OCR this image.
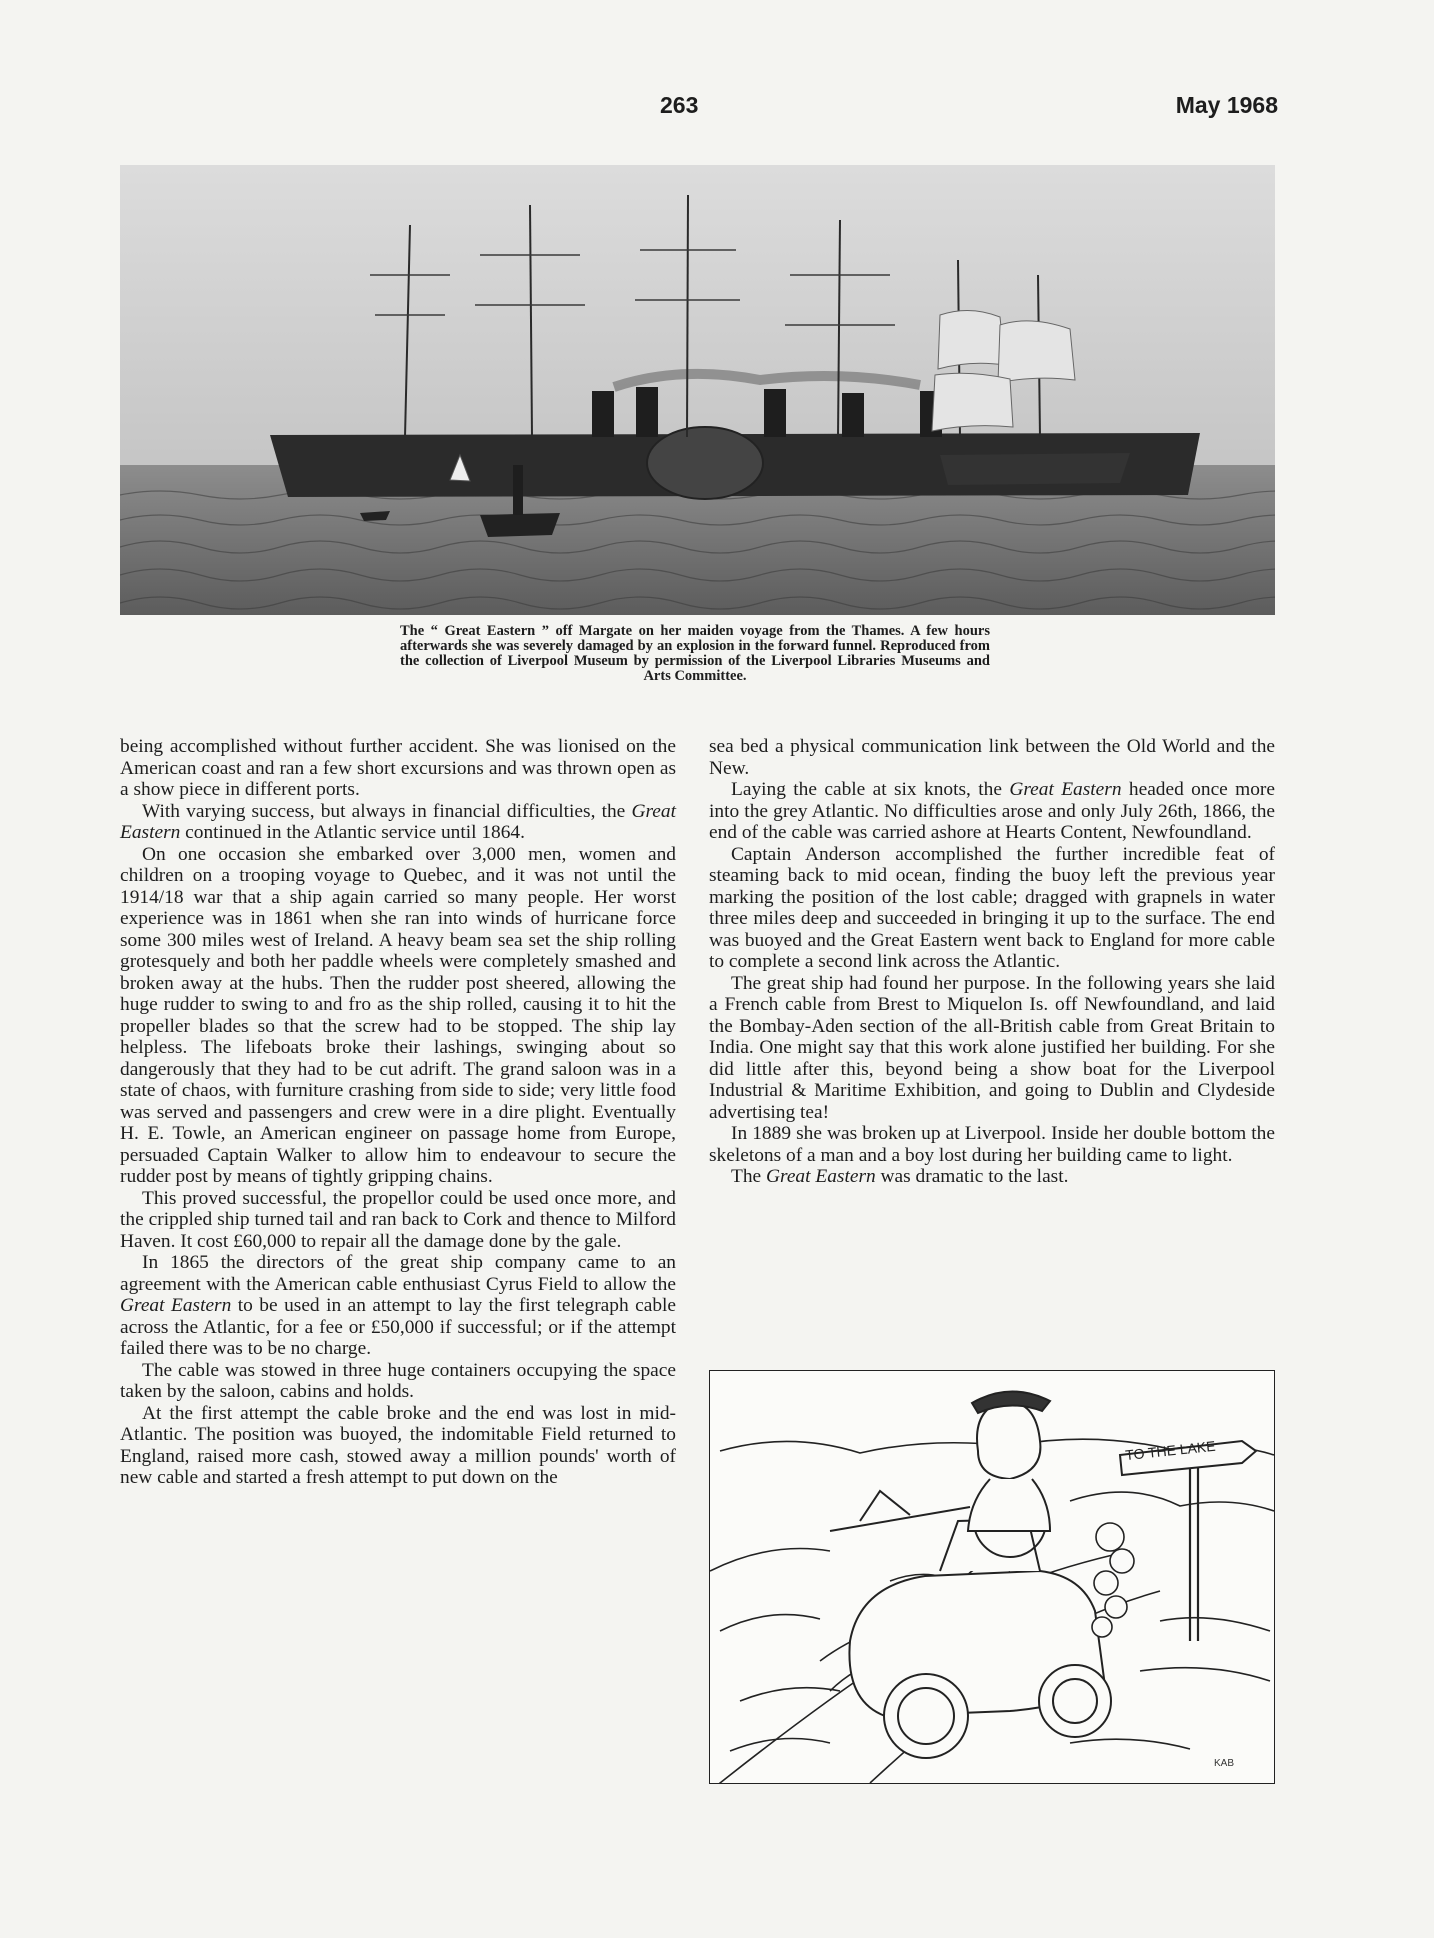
263	May 1968
The “ Great Eastern ” off Margate on her maiden voyage from the Thames. A few hours afterwards she was severely damaged by an explosion in the forward funnel. Reproduced from the collection of Liverpool Museum by permission of the Liverpool Libraries Museums and Arts Committee.

being accomplished without further accident. She was lionised on the American coast and ran a few short excursions and was thrown open as a show piece in different ports.

With varying success, but always in financial difficulties, the Great Eastern continued in the Atlantic service until 1864.

On one occasion she embarked over 3,000 men, women and children on a trooping voyage to Quebec, and it was not until the 1914/18 war that a ship again carried so many people. Her worst experience was in 1861 when she ran into winds of hurricane force some 300 miles west of Ireland. A heavy beam sea set the ship rolling grotesquely and both her paddle wheels were completely smashed and broken away at the hubs. Then the rudder post sheered, allowing the huge rudder to swing to and fro as the ship rolled, causing it to hit the propeller blades so that the screw had to be stopped. The ship lay helpless. The lifeboats broke their lashings, swinging about so dangerously that they had to be cut adrift. The grand saloon was in a state of chaos, with furniture crashing from side to side; very little food was served and passengers and crew were in a dire plight. Eventually H. E. Towle, an American engineer on passage home from Europe, persuaded Captain Walker to allow him to endeavour to secure the rudder post by means of tightly gripping chains.

This proved successful, the propellor could be used once more, and the crippled ship turned tail and ran back to Cork and thence to Milford Haven. It cost £60,000 to repair all the damage done by the gale.

In 1865 the directors of the great ship company came to an agreement with the American cable enthusiast Cyrus Field to allow the Great Eastern to be used in an attempt to lay the first telegraph cable across the Atlantic, for a fee or £50,000 if successful; or if the attempt failed there was to be no charge.

The cable was stowed in three huge containers occupying the space taken by the saloon, cabins and holds.

At the first attempt the cable broke and the end was lost in mid-Atlantic. The position was buoyed, the indomitable Field returned to England, raised more cash, stowed away a million pounds' worth of new cable and started a fresh attempt to put down on the

sea bed a physical communication link between the Old World and the New.

Laying the cable at six knots, the Great Eastern headed once more into the grey Atlantic. No difficulties arose and only July 26th, 1866, the end of the cable was carried ashore at Hearts Content, Newfoundland.

Captain Anderson accomplished the further incredible feat of steaming back to mid ocean, finding the buoy left the previous year marking the position of the lost cable; dragged with grapnels in water three miles deep and succeeded in bringing it up to the surface. The end was buoyed and the Great Eastern went back to England for more cable to complete a second link across the Atlantic.

The great ship had found her purpose. In the following years she laid a French cable from Brest to Miquelon Is. off Newfoundland, and laid the Bombay-Aden section of the all-British cable from Great Britain to India. One might say that this work alone justified her building. For she did little after this, beyond being a show boat for the Liverpool Industrial & Maritime Exhibition, and going to Dublin and Clydeside advertising tea!

In 1889 she was broken up at Liverpool. Inside her double bottom the skeletons of a man and a boy lost during her building came to light.

The Great Eastern was dramatic to the last.

TO THE LAKE
KAB
